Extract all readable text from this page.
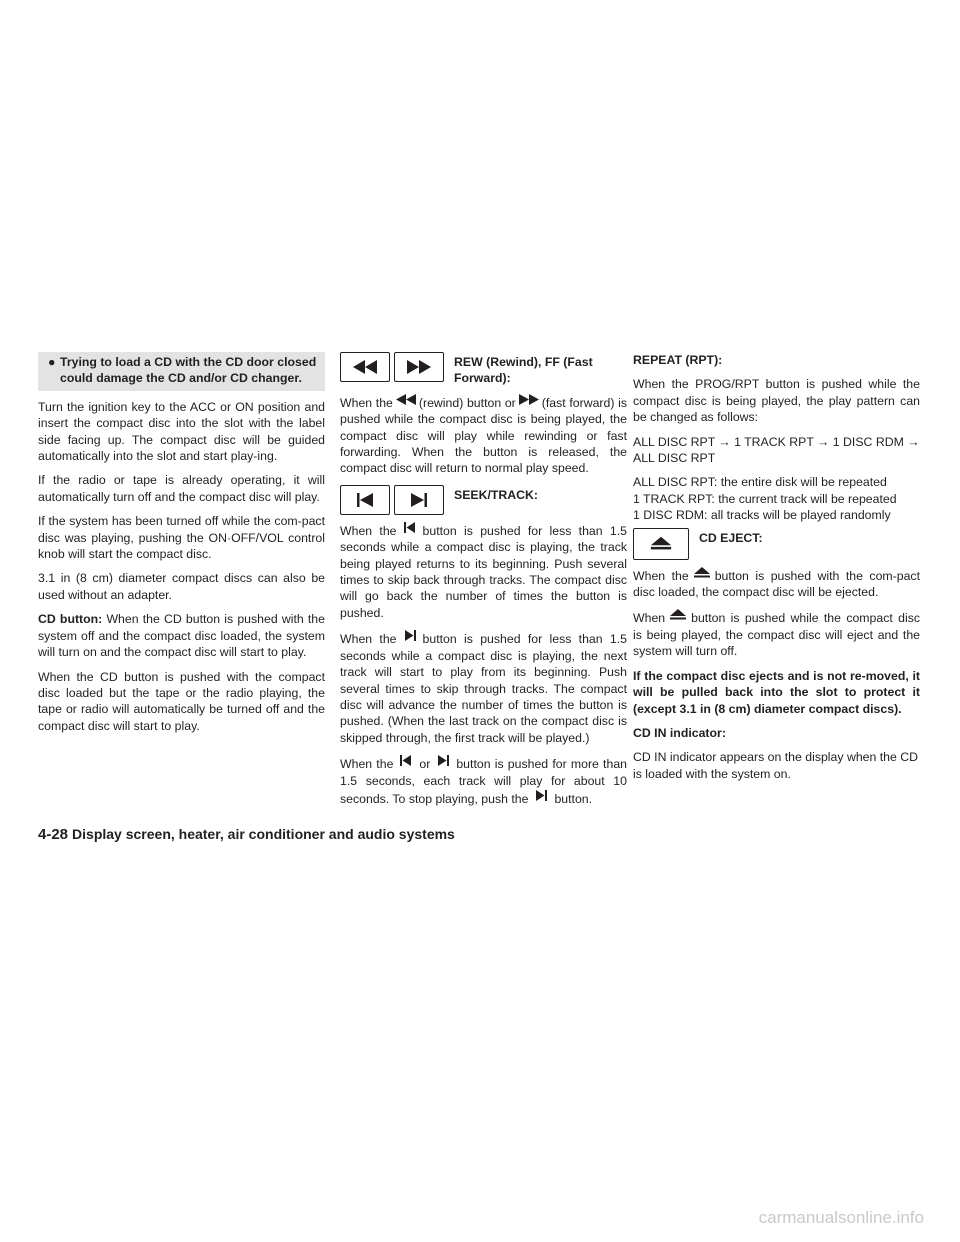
● Trying to load a CD with the CD door closed could damage the CD and/or CD changer.

Turn the ignition key to the ACC or ON position and insert the compact disc into the slot with the label side facing up. The compact disc will be guided automatically into the slot and start play-ing.

If the radio or tape is already operating, it will automatically turn off and the compact disc will play.

If the system has been turned off while the com-pact disc was playing, pushing the ON·OFF/VOL control knob will start the compact disc.

3.1 in (8 cm) diameter compact discs can also be used without an adapter.

CD button: When the CD button is pushed with the system off and the compact disc loaded, the system will turn on and the compact disc will start to play.

When the CD button is pushed with the compact disc loaded but the tape or the radio playing, the tape or radio will automatically be turned off and the compact disc will start to play.

REW (Rewind), FF (Fast Forward):

When the (rewind) button or (fast forward) is pushed while the compact disc is being played, the compact disc will play while rewinding or fast forwarding. When the button is released, the compact disc will return to normal play speed.

SEEK/TRACK:

When the button is pushed for less than 1.5 seconds while a compact disc is playing, the track being played returns to its beginning. Push several times to skip back through tracks. The compact disc will go back the number of times the button is pushed.

When the button is pushed for less than 1.5 seconds while a compact disc is playing, the next track will start to play from its beginning. Push several times to skip through tracks. The compact disc will advance the number of times the button is pushed. (When the last track on the compact disc is skipped through, the first track will be played.)

When the or button is pushed for more than 1.5 seconds, each track will play for about 10 seconds. To stop playing, push the button.

REPEAT (RPT):

When the PROG/RPT button is pushed while the compact disc is being played, the play pattern can be changed as follows:

ALL DISC RPT → 1 TRACK RPT → 1 DISC RDM → ALL DISC RPT

ALL DISC RPT: the entire disk will be repeated
1 TRACK RPT: the current track will be repeated
1 DISC RDM: all tracks will be played randomly

CD EJECT:

When the button is pushed with the com-pact disc loaded, the compact disc will be ejected.

When button is pushed while the compact disc is being played, the compact disc will eject and the system will turn off.

If the compact disc ejects and is not re-moved, it will be pulled back into the slot to protect it (except 3.1 in (8 cm) diameter compact discs).

CD IN indicator:

CD IN indicator appears on the display when the CD is loaded with the system on.

4-28 Display screen, heater, air conditioner and audio systems
carmanualsonline.info
